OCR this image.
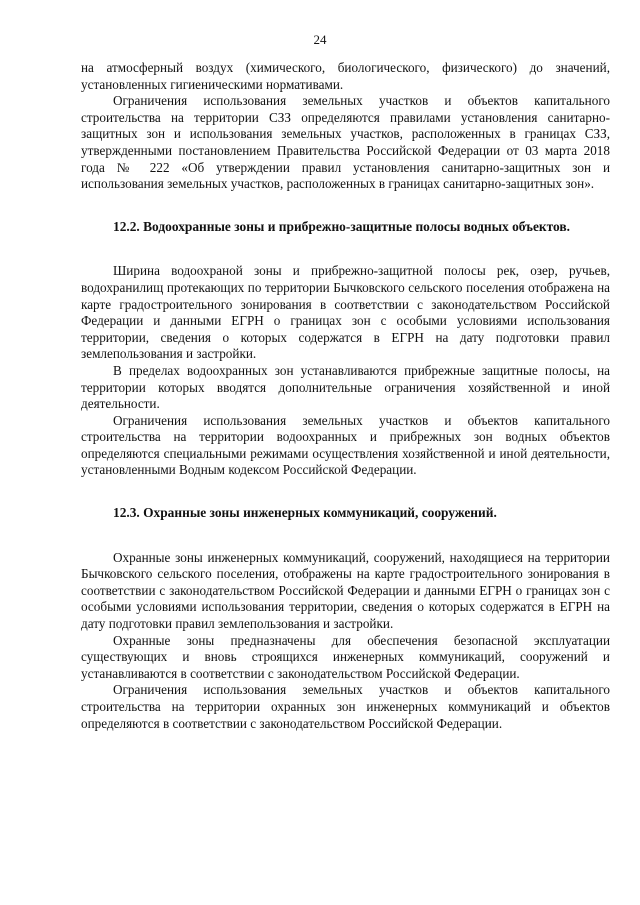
24

на атмосферный воздух (химического, биологического, физического) до значений, установленных гигиеническими нормативами.

Ограничения использования земельных участков и объектов капитального строительства на территории СЗЗ определяются правилами установления санитарно-защитных зон и использования земельных участков, расположенных в границах СЗЗ, утвержденными постановлением Правительства Российской Федерации от 03 марта 2018 года № 222 «Об утверждении правил установления санитарно-защитных зон и использования земельных участков, расположенных в границах санитарно-защитных зон».

12.2. Водоохранные зоны и прибрежно-защитные полосы водных объектов.

Ширина водоохраной зоны и прибрежно-защитной полосы рек, озер, ручьев, водохранилищ протекающих по территории Бычковского сельского поселения отображена на карте градостроительного зонирования в соответствии с законодательством Российской Федерации и данными ЕГРН о границах зон с особыми условиями использования территории, сведения о которых содержатся в ЕГРН на дату подготовки правил землепользования и застройки.

В пределах водоохранных зон устанавливаются прибрежные защитные полосы, на территории которых вводятся дополнительные ограничения хозяйственной и иной деятельности.

Ограничения использования земельных участков и объектов капитального строительства на территории водоохранных и прибрежных зон водных объектов определяются специальными режимами осуществления хозяйственной и иной деятельности, установленными Водным кодексом Российской Федерации.

12.3. Охранные зоны инженерных коммуникаций, сооружений.

Охранные зоны инженерных коммуникаций, сооружений, находящиеся на территории Бычковского сельского поселения, отображены на карте градостроительного зонирования в соответствии с законодательством Российской Федерации и данными ЕГРН о границах зон с особыми условиями использования территории, сведения о которых содержатся в ЕГРН на дату подготовки правил землепользования и застройки.

Охранные зоны предназначены для обеспечения безопасной эксплуатации существующих и вновь строящихся инженерных коммуникаций, сооружений и устанавливаются в соответствии с законодательством Российской Федерации.

Ограничения использования земельных участков и объектов капитального строительства на территории охранных зон инженерных коммуникаций и объектов определяются в соответствии с законодательством Российской Федерации.
